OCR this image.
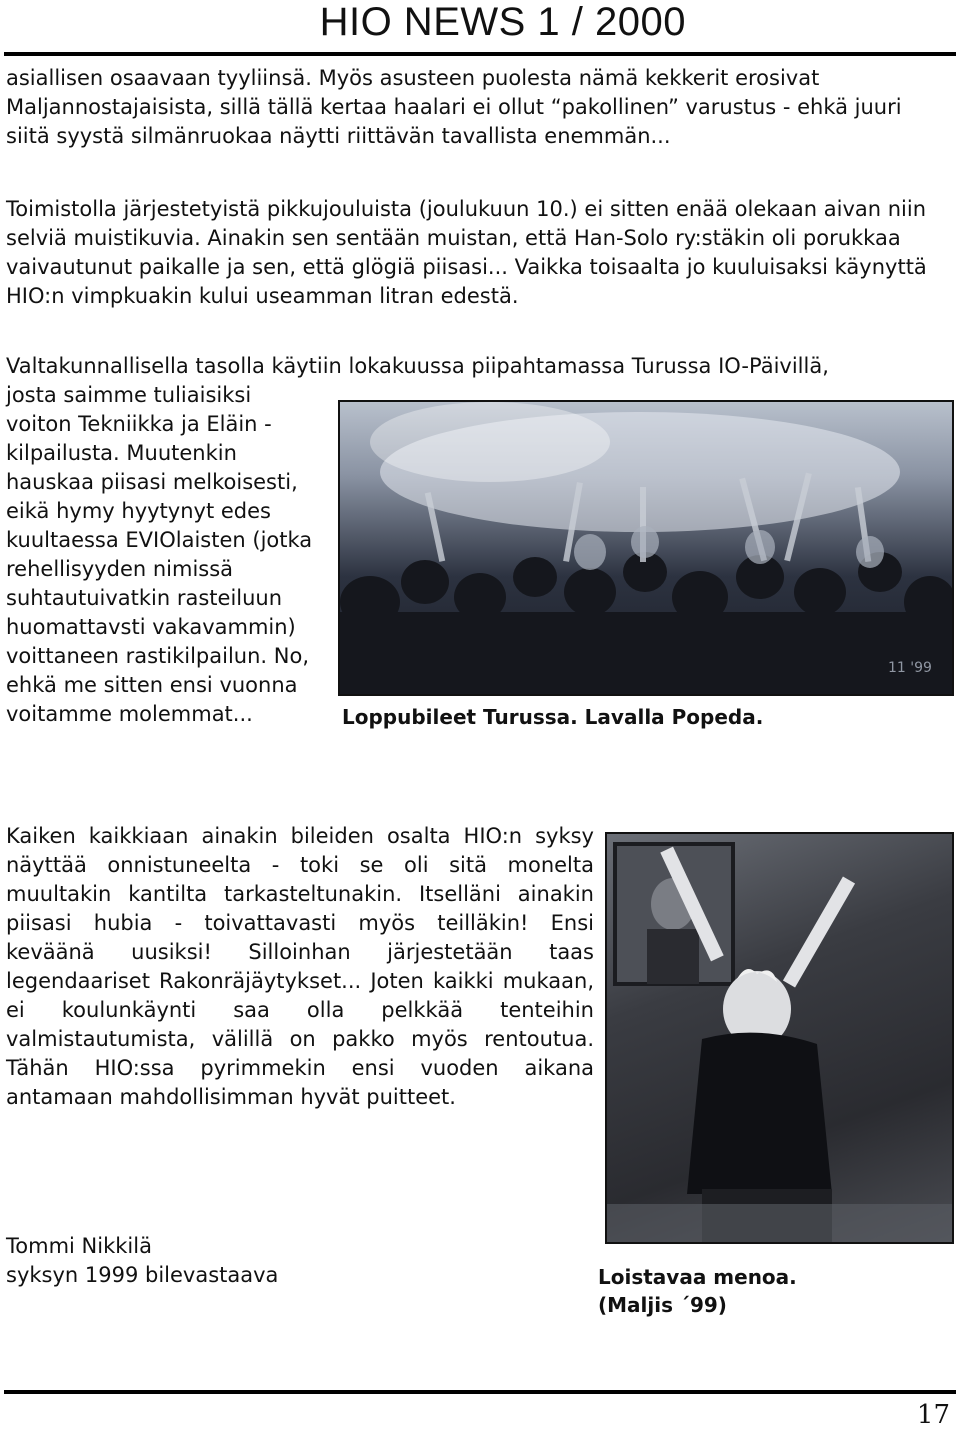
HIO NEWS 1 / 2000

asiallisen osaavaan tyyliinsä. Myös asusteen puolesta nämä kekkerit erosivat Maljannostajaisista, sillä tällä kertaa haalari ei ollut “pakollinen” varustus - ehkä juuri siitä syystä silmänruokaa näytti riittävän tavallista enemmän...

Toimistolla järjestetyistä pikkujouluista (joulukuun 10.) ei sitten enää olekaan aivan niin selviä muistikuvia. Ainakin sen sentään muistan, että Han-Solo ry:stäkin oli porukkaa vaivautunut paikalle ja sen, että glögiä piisasi... Vaikka toisaalta jo kuuluisaksi käynyttä HIO:n vimpkuakin kului useamman litran edestä.

Valtakunnallisella tasolla käytiin lokakuussa piipahtamassa Turussa IO-Päivillä,

josta saimme tuliaisiksi voiton Tekniikka ja Eläin -kilpailusta. Muutenkin hauskaa piisasi melkoisesti, eikä hymy hyytynyt edes kuultaessa EVIOlaisten (jotka rehellisyyden nimissä suhtautuivatkin rasteiluun huomattavsti vakavammin) voittaneen rastikilpailun. No, ehkä me sitten ensi vuonna voitamme molemmat...

11 '99
Loppubileet Turussa. Lavalla Popeda.

Kaiken kaikkiaan ainakin bileiden osalta HIO:n syksy näyttää onnistuneelta - toki se oli sitä monelta muultakin kantilta tarkasteltunakin. Itselläni ainakin piisasi hubia - toivattavasti myös teilläkin! Ensi keväänä uusiksi! Silloinhan järjestetään taas legendaariset Rakonräjäytykset... Joten kaikki mukaan, ei koulunkäynti saa olla pelkkää tenteihin valmistautumista, välillä on pakko myös rentoutua. Tähän HIO:ssa pyrimmekin ensi vuoden aikana antamaan mahdollisimman hyvät puitteet.

Loistavaa menoa.
(Maljis ´99)
Tommi Nikkilä
syksyn 1999 bilevastaava
17
